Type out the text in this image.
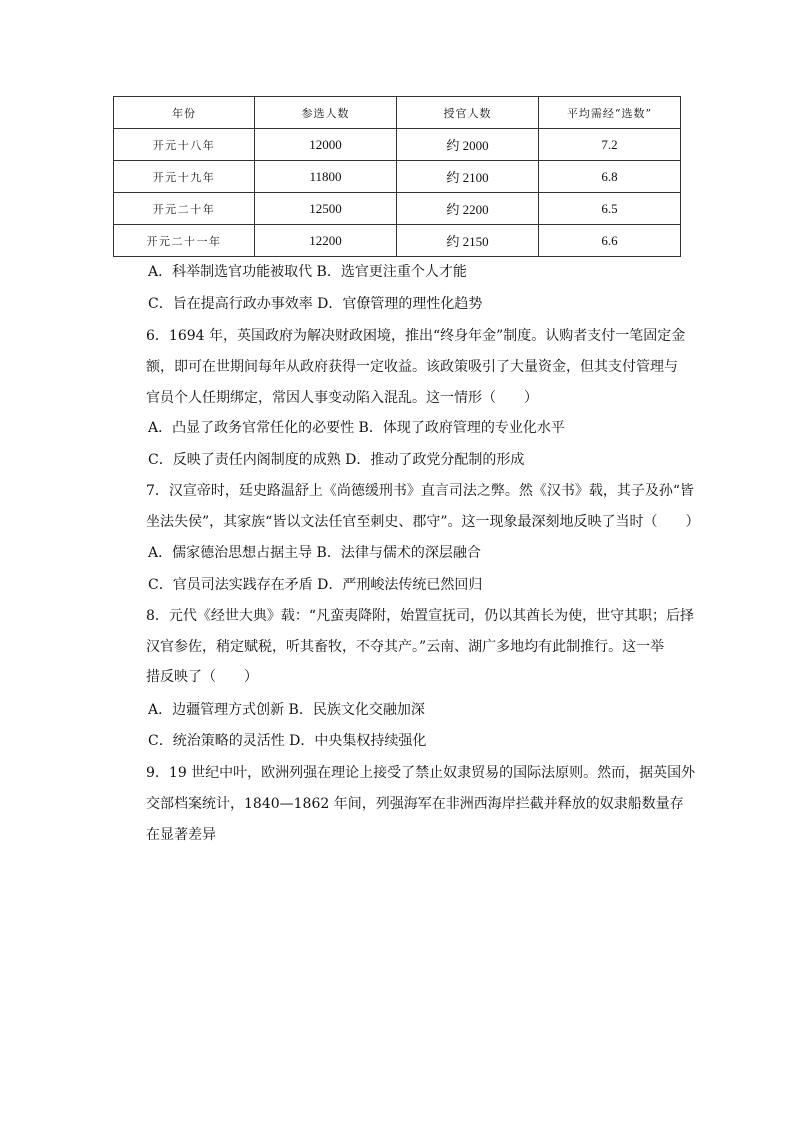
年份	参选人数	授官人数	平均需经“选数”
开元十八年	12000	约 2000	7.2
开元十九年	11800	约 2100	6.8
开元二十年	12500	约 2200	6.5
开元二十一年	12200	约 2150	6.6
A．科举制选官功能被取代 B．选官更注重个人才能
C．旨在提高行政办事效率 D．官僚管理的理性化趋势
6．1694 年，英国政府为解决财政困境，推出“终身年金”制度。认购者支付一笔固定金
额，即可在世期间每年从政府获得一定收益。该政策吸引了大量资金，但其支付管理与
官员个人任期绑定，常因人事变动陷入混乱。这一情形（　　）
A．凸显了政务官常任化的必要性 B．体现了政府管理的专业化水平
C．反映了责任内阁制度的成熟 D．推动了政党分配制的形成
7．汉宣帝时，廷史路温舒上《尚德缓刑书》直言司法之弊。然《汉书》载，其子及孙“皆
坐法失侯”，其家族“皆以文法任官至刺史、郡守”。这一现象最深刻地反映了当时（　　）
A．儒家德治思想占据主导 B．法律与儒术的深层融合
C．官员司法实践存在矛盾 D．严刑峻法传统已然回归
8．元代《经世大典》载：“凡蛮夷降附，始置宣抚司，仍以其酋长为使，世守其职；后择
汉官参佐，稍定赋税，听其畜牧，不夺其产。”云南、湖广多地均有此制推行。这一举
措反映了（　　）
A．边疆管理方式创新 B．民族文化交融加深
C．统治策略的灵活性 D．中央集权持续强化
9．19 世纪中叶，欧洲列强在理论上接受了禁止奴隶贸易的国际法原则。然而，据英国外
交部档案统计，1840—1862 年间，列强海军在非洲西海岸拦截并释放的奴隶船数量存
在显著差异
